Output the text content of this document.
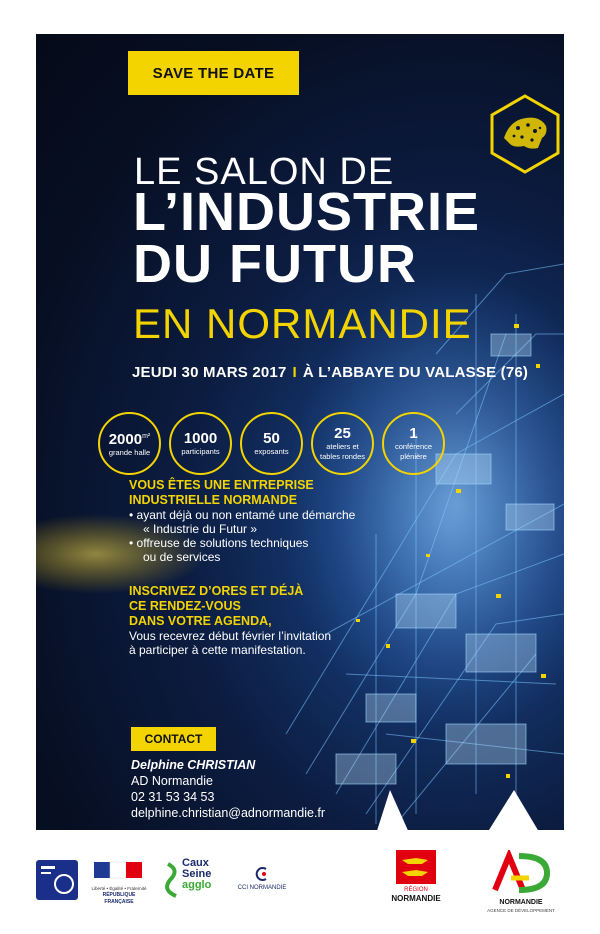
SAVE THE DATE
LE SALON DE
L’INDUSTRIE
DU FUTUR
EN NORMANDIE
JEUDI 30 MARS 2017 I À L’ABBAYE DU VALASSE (76)
$2000^{m^2}$
grande halle
1000
participants
50
exposants
25
ateliers et
tables rondes
1
conférence
plénière
VOUS ÊTES UNE ENTREPRISE
INDUSTRIELLE NORMANDE
• ayant déjà ou non entamé une démarche
« Industrie du Futur »
• offreuse de solutions techniques
ou de services
INSCRIVEZ D’ORES ET DÉJÀ
CE RENDEZ-VOUS
DANS VOTRE AGENDA,
Vous recevrez début février l’invitation
à participer à cette manifestation.
CONTACT
Delphine CHRISTIAN
AD Normandie
02 31 53 34 53
delphine.christian@adnormandie.fr
Liberté • Égalité • Fraternité
RÉPUBLIQUE FRANÇAISE
Caux
Seine
agglo	CCI NORMANDIE	RÉGION
NORMANDIE	NORMANDIE
AGENCE DE DÉVELOPPEMENT
